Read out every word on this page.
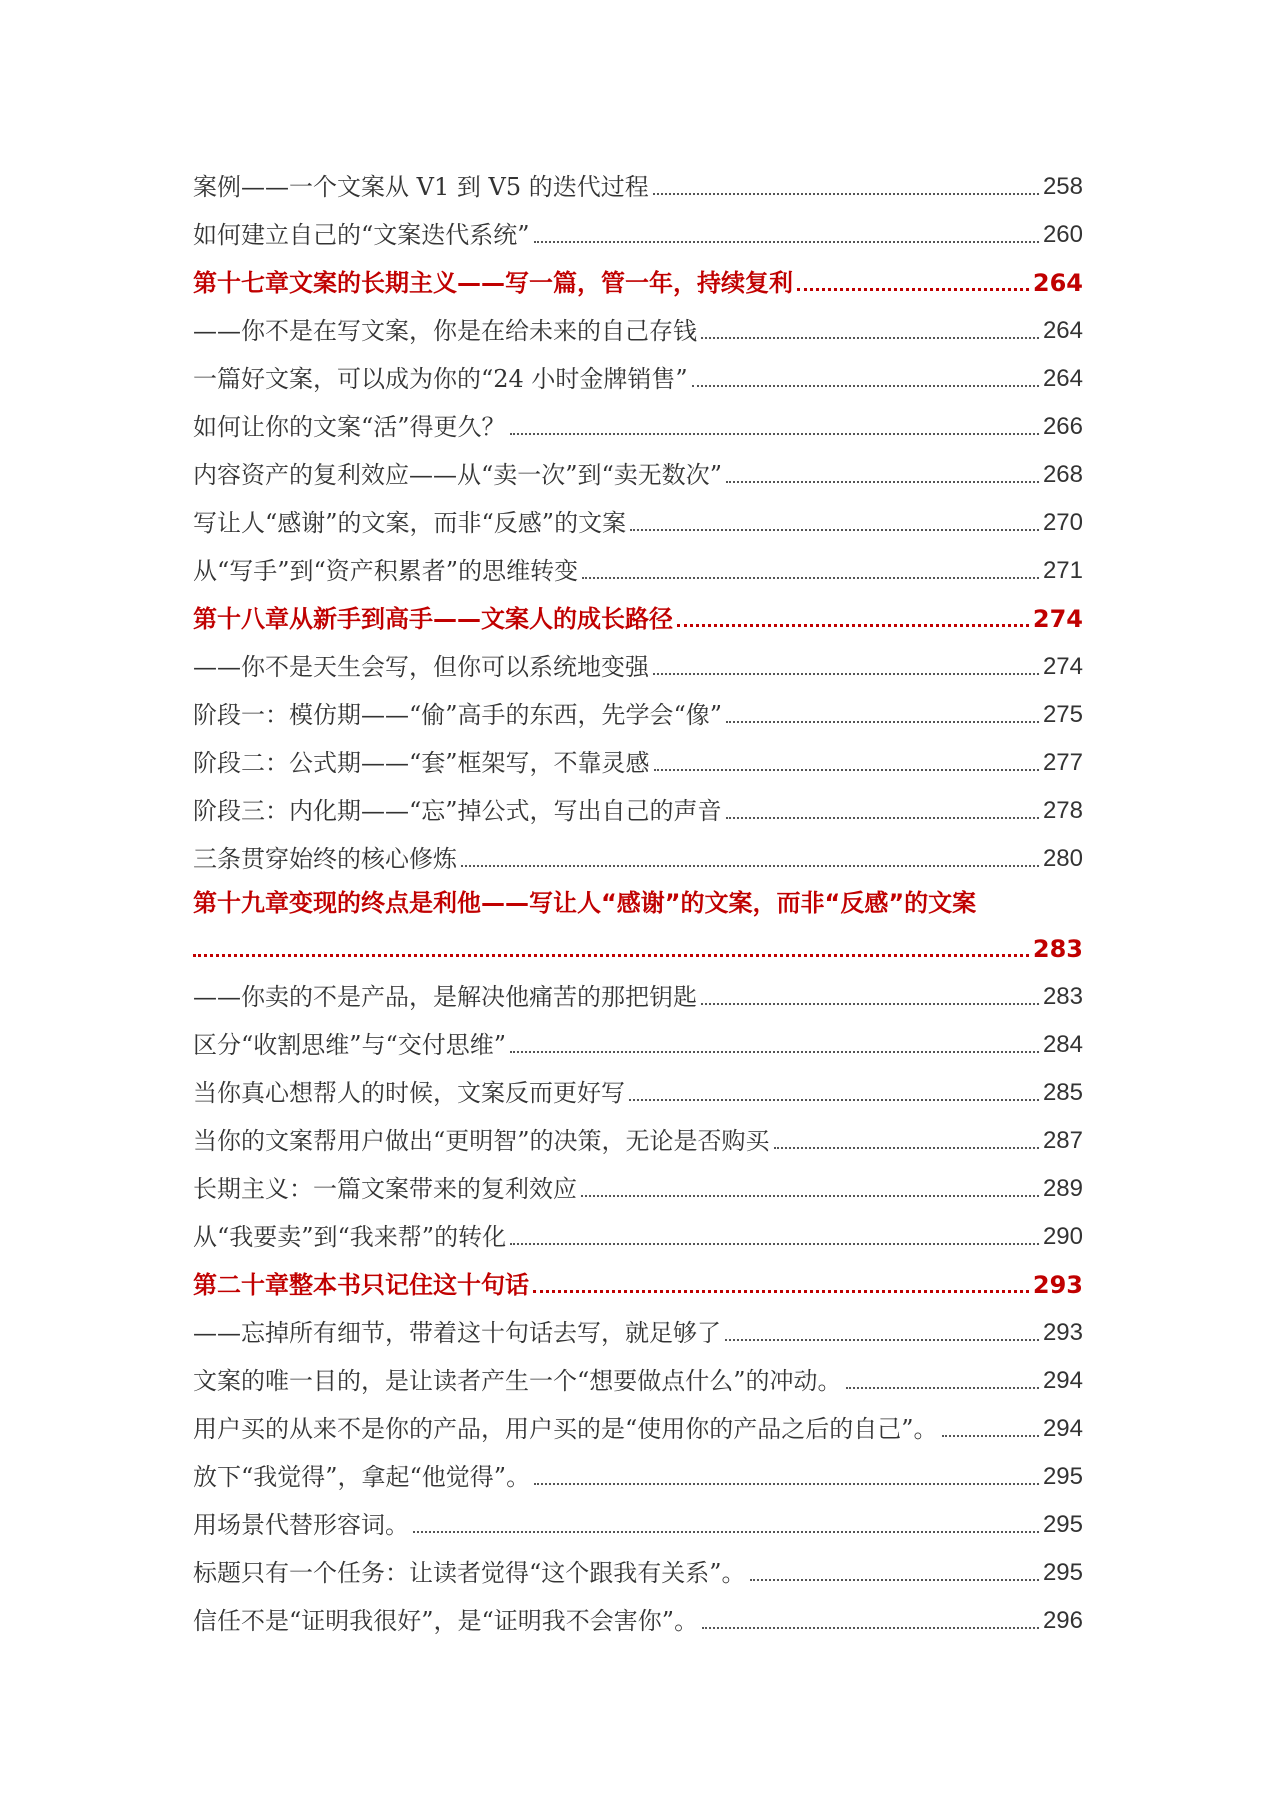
案例——一个文案从 V1 到 V5 的迭代过程	258
如何建立自己的“文案迭代系统”	260
第十七章文案的长期主义——写一篇，管一年，持续复利	264
——你不是在写文案，你是在给未来的自己存钱	264
一篇好文案，可以成为你的“24 小时金牌销售”	264
如何让你的文案“活”得更久？	266
内容资产的复利效应——从“卖一次”到“卖无数次”	268
写让人“感谢”的文案，而非“反感”的文案	270
从“写手”到“资产积累者”的思维转变	271
第十八章从新手到高手——文案人的成长路径	274
——你不是天生会写，但你可以系统地变强	274
阶段一：模仿期——“偷”高手的东西，先学会“像”	275
阶段二：公式期——“套”框架写，不靠灵感	277
阶段三：内化期——“忘”掉公式，写出自己的声音	278
三条贯穿始终的核心修炼	280
第十九章变现的终点是利他——写让人“感谢”的文案，而非“反感”的文案
283
——你卖的不是产品，是解决他痛苦的那把钥匙	283
区分“收割思维”与“交付思维”	284
当你真心想帮人的时候，文案反而更好写	285
当你的文案帮用户做出“更明智”的决策，无论是否购买	287
长期主义：一篇文案带来的复利效应	289
从“我要卖”到“我来帮”的转化	290
第二十章整本书只记住这十句话	293
——忘掉所有细节，带着这十句话去写，就足够了	293
文案的唯一目的，是让读者产生一个“想要做点什么”的冲动。	294
用户买的从来不是你的产品，用户买的是“使用你的产品之后的自己”。	294
放下“我觉得”，拿起“他觉得”。	295
用场景代替形容词。	295
标题只有一个任务：让读者觉得“这个跟我有关系”。	295
信任不是“证明我很好”，是“证明我不会害你”。	296
